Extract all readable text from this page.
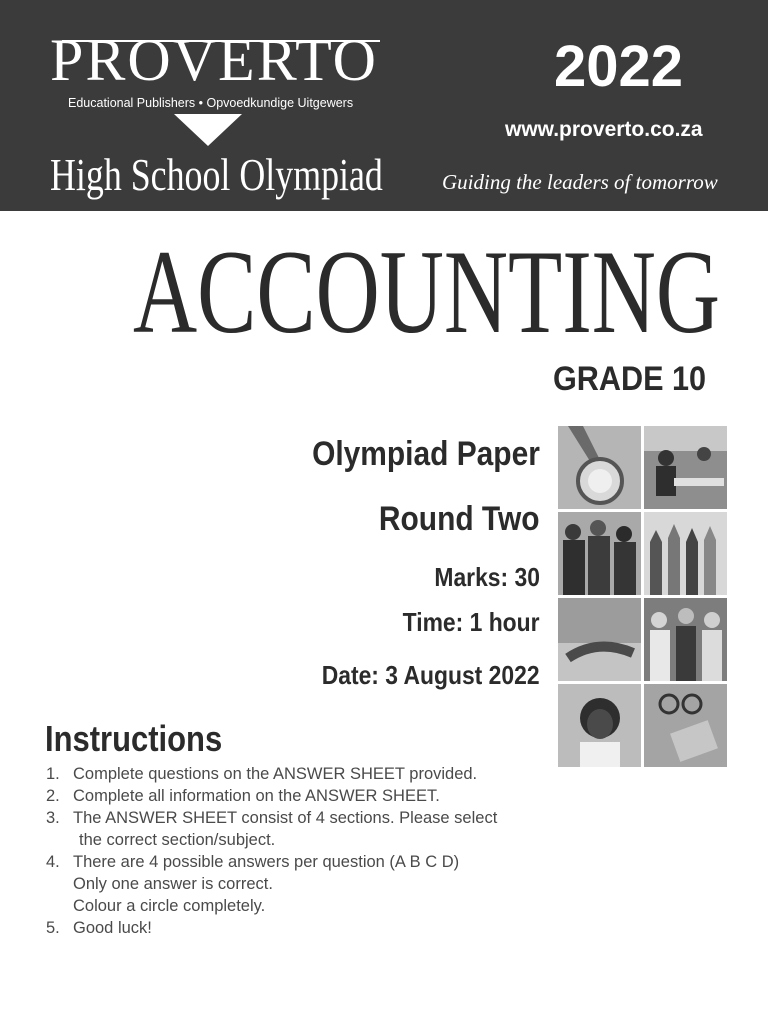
PROVERTO
Educational Publishers • Opvoedkundige Uitgewers
High School Olympiad
2022
www.proverto.co.za
Guiding the leaders of tomorrow
ACCOUNTING
GRADE 10
Olympiad Paper
Round Two
Marks: 30
Time: 1 hour
Date: 3 August 2022
Instructions
1. Complete questions on the ANSWER SHEET provided.
2. Complete all information on the ANSWER SHEET.
3. The ANSWER SHEET consist of 4 sections. Please select
the correct section/subject.
4. There are 4 possible answers per question (A B C D)
Only one answer is correct.
Colour a circle completely.
5. Good luck!
